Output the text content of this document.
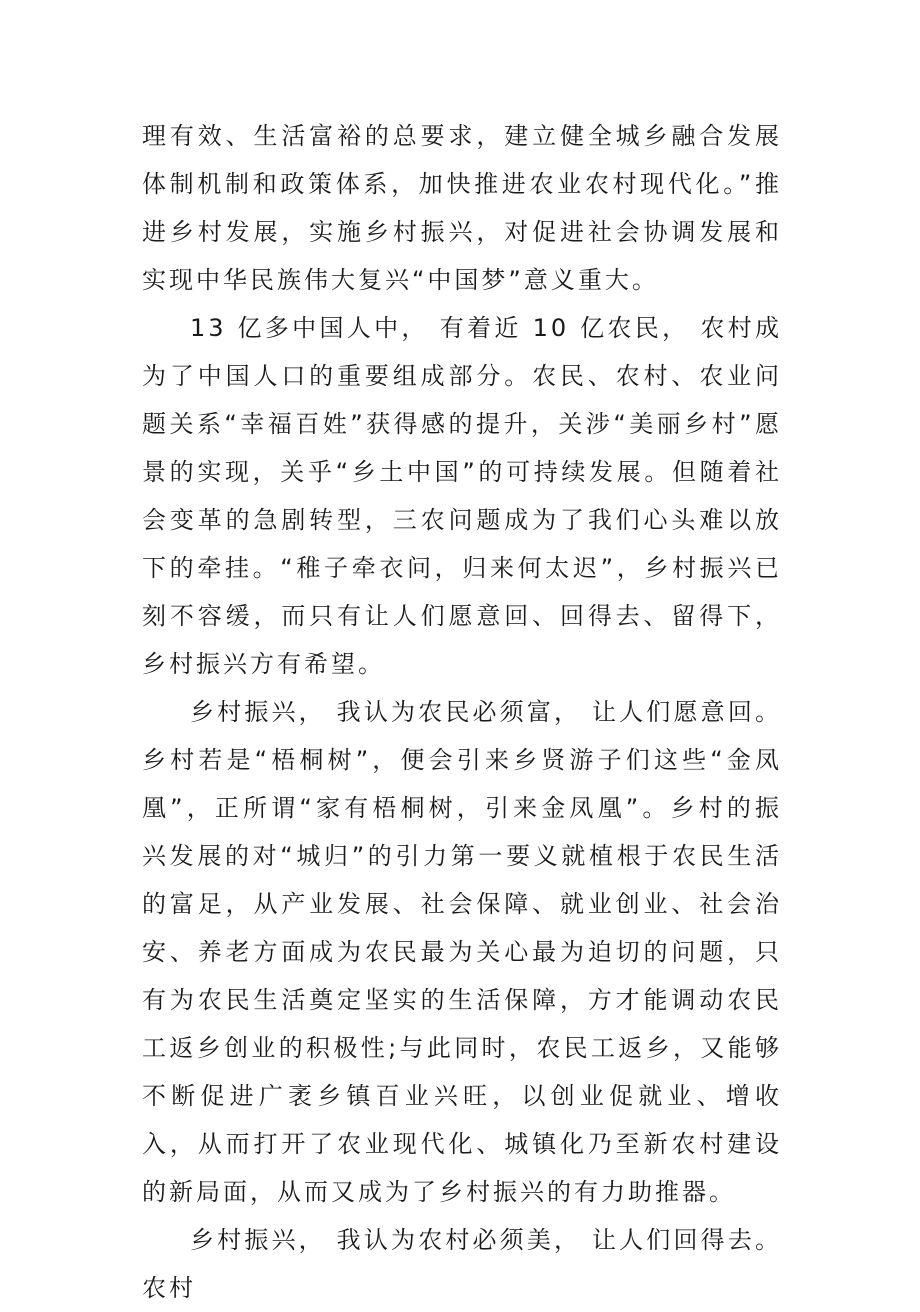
理有效、生活富裕的总要求，建立健全城乡融合发展体制机制和政策体系，加快推进农业农村现代化。”推进乡村发展，实施乡村振兴，对促进社会协调发展和实现中华民族伟大复兴“中国梦”意义重大。

13 亿多中国人中， 有着近 10 亿农民， 农村成为了中国人口的重要组成部分。农民、农村、农业问题关系“幸福百姓”获得感的提升，关涉“美丽乡村”愿景的实现，关乎“乡土中国”的可持续发展。但随着社会变革的急剧转型，三农问题成为了我们心头难以放下的牵挂。“稚子牵衣问，归来何太迟”，乡村振兴已刻不容缓，而只有让人们愿意回、回得去、留得下，乡村振兴方有希望。

乡村振兴， 我认为农民必须富， 让人们愿意回。 乡村若是“梧桐树”，便会引来乡贤游子们这些“金凤凰”，正所谓“家有梧桐树，引来金凤凰”。乡村的振兴发展的对“城归”的引力第一要义就植根于农民生活的富足，从产业发展、社会保障、就业创业、社会治安、养老方面成为农民最为关心最为迫切的问题，只有为农民生活奠定坚实的生活保障，方才能调动农民工返乡创业的积极性;与此同时，农民工返乡，又能够不断促进广袤乡镇百业兴旺，以创业促就业、增收入，从而打开了农业现代化、城镇化乃至新农村建设的新局面，从而又成为了乡村振兴的有力助推器。

乡村振兴， 我认为农村必须美， 让人们回得去。农村
